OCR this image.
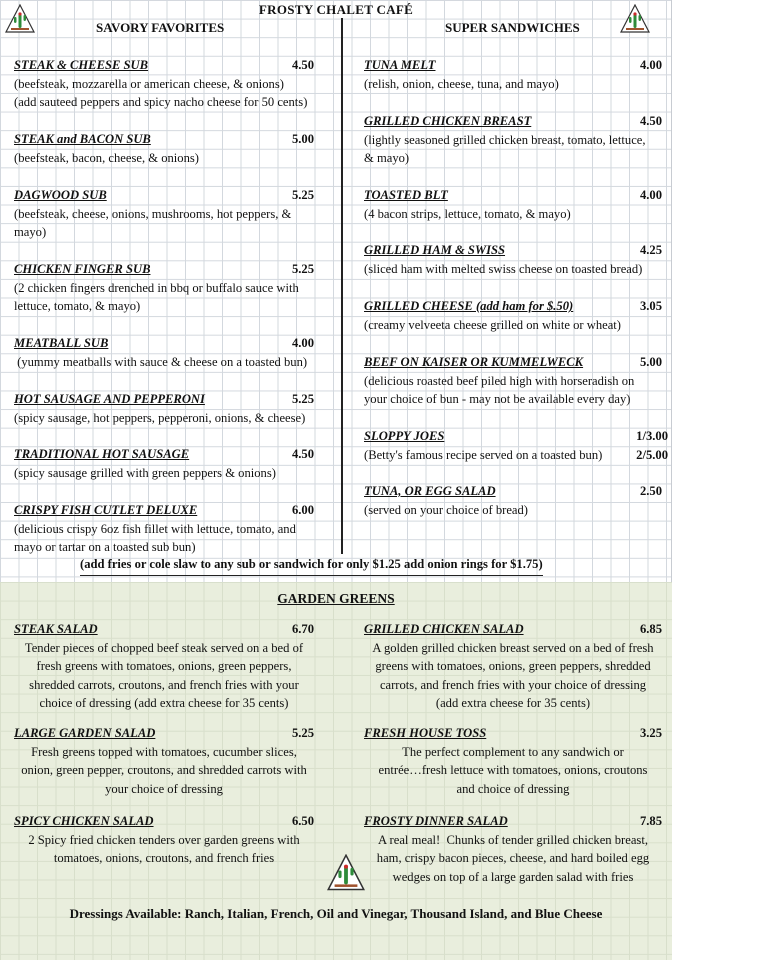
FROSTY CHALET CAFÉ
SAVORY FAVORITES	SUPER SANDWICHES
STEAK & CHEESE SUB	4.50
(beefsteak, mozzarella or american cheese, & onions)
(add sauteed peppers and spicy nacho cheese for 50 cents)
STEAK and BACON SUB	5.00
(beefsteak, bacon, cheese, & onions)
DAGWOOD SUB	5.25
(beefsteak, cheese, onions, mushrooms, hot peppers, &
mayo)
CHICKEN FINGER SUB	5.25
(2 chicken fingers drenched in bbq or buffalo sauce with
lettuce, tomato, & mayo)
MEATBALL SUB	4.00
(yummy meatballs with sauce & cheese on a toasted bun)
HOT SAUSAGE AND PEPPERONI	5.25
(spicy sausage, hot peppers, pepperoni, onions, & cheese)
TRADITIONAL HOT SAUSAGE	4.50
(spicy sausage grilled with green peppers & onions)
CRISPY FISH CUTLET DELUXE	6.00
(delicious crispy 6oz fish fillet with lettuce, tomato, and
mayo or tartar on a toasted sub bun)
TUNA MELT	4.00
(relish, onion, cheese, tuna, and mayo)
GRILLED CHICKEN BREAST	4.50
(lightly seasoned grilled chicken breast, tomato, lettuce,
& mayo)
TOASTED BLT	4.00
(4 bacon strips, lettuce, tomato, & mayo)
GRILLED HAM & SWISS	4.25
(sliced ham with melted swiss cheese on toasted bread)
GRILLED CHEESE (add ham for $.50)	3.05
(creamy velveeta cheese grilled on white or wheat)
BEEF ON KAISER OR KUMMELWECK	5.00
(delicious roasted beef piled high with horseradish on
your choice of bun - may not be available every day)
SLOPPY JOES	1/3.00
(Betty's famous recipe served on a toasted bun)	2/5.00
TUNA, OR EGG SALAD	2.50
(served on your choice of bread)
(add fries or cole slaw to any sub or sandwich for only $1.25 add onion rings for $1.75)
GARDEN GREENS
STEAK SALAD	6.70
Tender pieces of chopped beef steak served on a bed of
fresh greens with tomatoes, onions, green peppers,
shredded carrots, croutons, and french fries with your
choice of dressing (add extra cheese for 35 cents)
LARGE GARDEN SALAD	5.25
Fresh greens topped with tomatoes, cucumber slices,
onion, green pepper, croutons, and shredded carrots with
your choice of dressing
SPICY CHICKEN SALAD	6.50
2 Spicy fried chicken tenders over garden greens with
tomatoes, onions, croutons, and french fries
GRILLED CHICKEN SALAD	6.85
A golden grilled chicken breast served on a bed of fresh
greens with tomatoes, onions, green peppers, shredded
carrots, and french fries with your choice of dressing
(add extra cheese for 35 cents)
FRESH HOUSE TOSS	3.25
The perfect complement to any sandwich or
entrée…fresh lettuce with tomatoes, onions, croutons
and choice of dressing
FROSTY DINNER SALAD	7.85
A real meal!  Chunks of tender grilled chicken breast,
ham, crispy bacon pieces, cheese, and hard boiled egg
wedges on top of a large garden salad with fries
Dressings Available: Ranch, Italian, French, Oil and Vinegar, Thousand Island, and Blue Cheese
